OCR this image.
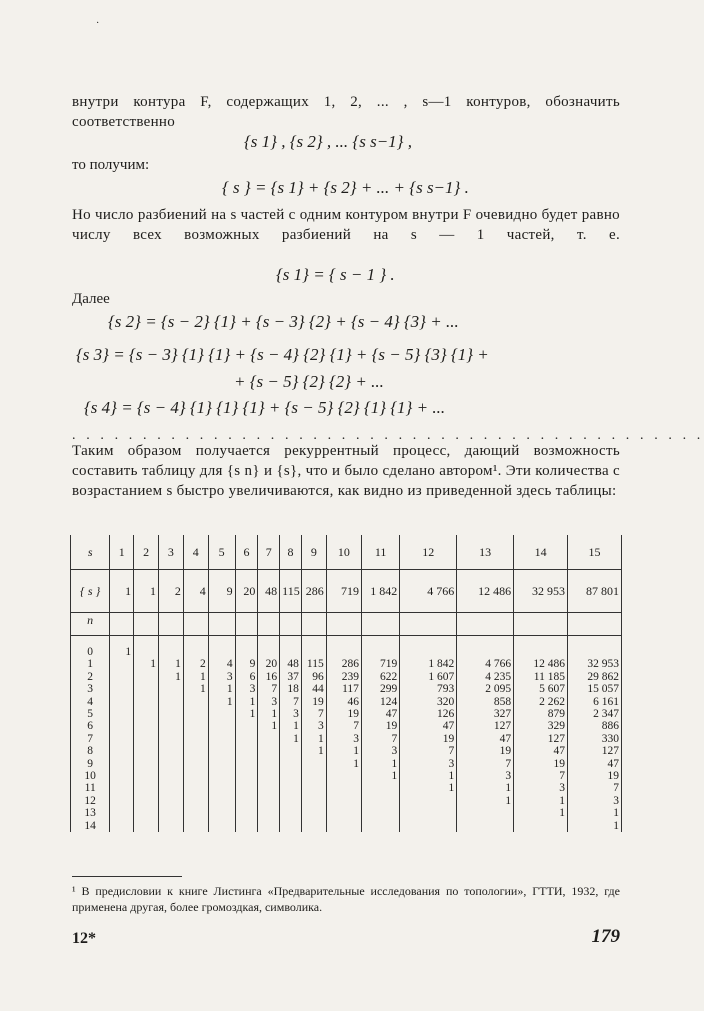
·
внутри контура F, содержащих 1, 2, ... , s—1 контуров, обозначить соответственно
{s 1} , {s 2} , ... {s s−1} ,
то получим:
{ s } = {s 1} + {s 2} + ... + {s s−1} .
Но число разбиений на s частей с одним контуром внутри F очевидно будет равно числу всех возможных разбиений на s — 1 частей, т. е.
{s 1} = { s − 1 } .
Далее
{s 2} = {s − 2} {1} + {s − 3} {2} + {s − 4} {3} + ...
{s 3} = {s − 3} {1} {1} + {s − 4} {2} {1} + {s − 5} {3} {1} +
+ {s − 5} {2} {2} + ...
{s 4} = {s − 4} {1} {1} {1} + {s − 5} {2} {1} {1} + ...
. . . . . . . . . . . . . . . . . . . . . . . . . . . . . . . . . . . . . . . . . . . . .
Таким образом получается рекуррентный процесс, дающий возможность составить таблицу для {s n} и {s}, что и было сделано автором¹. Эти количества с возрастанием s быстро увеличиваются, как видно из приведенной здесь таблицы:
s	1	2	3	4	5	6	7	8	9	10	11	12	13	14	15
{ s }	1	1	2	4	9	20	48	115	286	719	1 842	4 766	12 486	32 953	87 801
n															

0	1														
1		1	1	2	4	9	20	48	115	286	719	1 842	4 766	12 486	32 953
2			1	1	3	6	16	37	96	239	622	1 607	4 235	11 185	29 862
3				1	1	3	7	18	44	117	299	793	2 095	5 607	15 057
4					1	1	3	7	19	46	124	320	858	2 262	6 161
5						1	1	3	7	19	47	126	327	879	2 347
6							1	1	3	7	19	47	127	329	886
7								1	1	3	7	19	47	127	330
8									1	1	3	7	19	47	127
9										1	1	3	7	19	47
10											1	1	3	7	19
11												1	1	3	7
12													1	1	3
13														1	1
14															1
¹ В предисловии к книге Листинга «Предварительные исследования по топологии», ГТТИ, 1932, где применена другая, более громоздкая, символика.
12*	179
